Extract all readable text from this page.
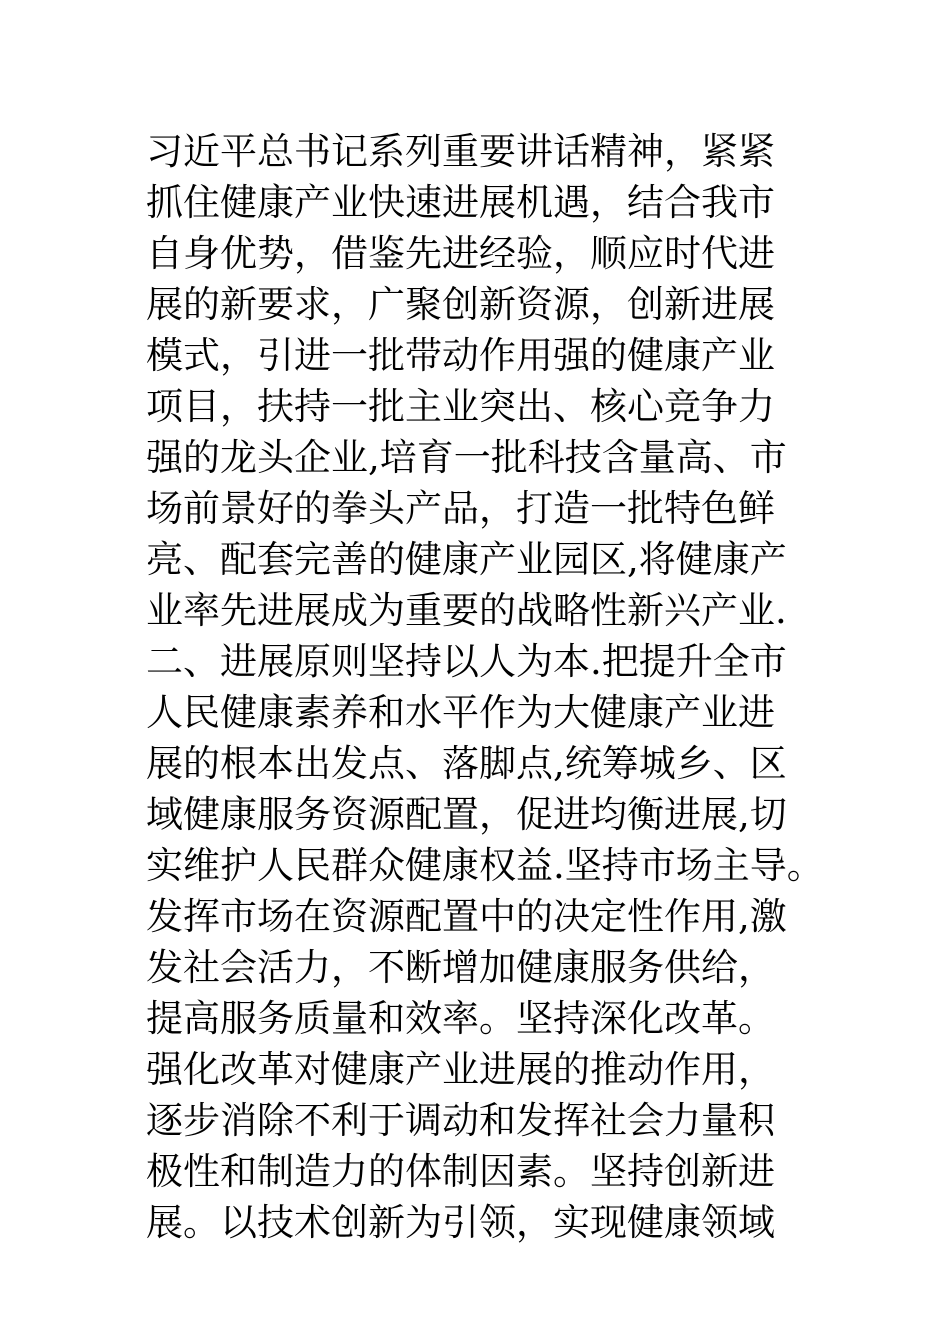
习近平总书记系列重要讲话精神，紧紧
抓住健康产业快速进展机遇，结合我市
自身优势，借鉴先进经验，顺应时代进
展的新要求，广聚创新资源，创新进展
模式，引进一批带动作用强的健康产业
项目，扶持一批主业突出、核心竞争力
强的龙头企业,培育一批科技含量高、市
场前景好的拳头产品，打造一批特色鲜
亮、配套完善的健康产业园区,将健康产
业率先进展成为重要的战略性新兴产业.
二、进展原则坚持以人为本.把提升全市
人民健康素养和水平作为大健康产业进
展的根本出发点、落脚点,统筹城乡、区
域健康服务资源配置，促进均衡进展,切
实维护人民群众健康权益.坚持市场主导。
发挥市场在资源配置中的决定性作用,激
发社会活力，不断增加健康服务供给，
提高服务质量和效率。坚持深化改革。
强化改革对健康产业进展的推动作用，
逐步消除不利于调动和发挥社会力量积
极性和制造力的体制因素。坚持创新进
展。以技术创新为引领，实现健康领域
